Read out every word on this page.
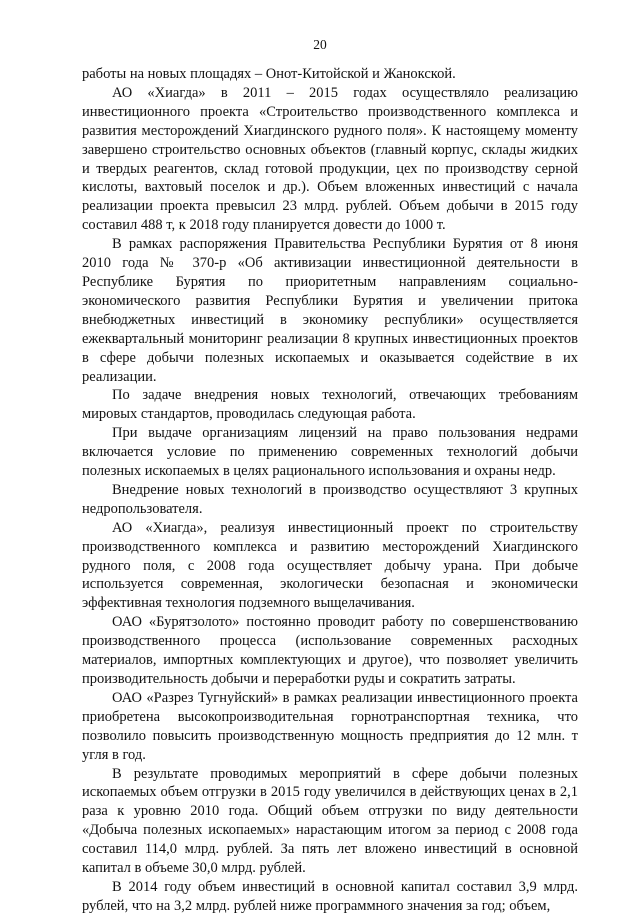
20

работы на новых площадях – Онот-Китойской и Жанокской.

АО «Хиагда» в 2011 – 2015 годах осуществляло реализацию инвестиционного проекта «Строительство производственного комплекса и развития месторождений Хиагдинского рудного поля». К настоящему моменту завершено строительство основных объектов (главный корпус, склады жидких и твердых реагентов, склад готовой продукции, цех по производству серной кислоты, вахтовый поселок и др.). Объем вложенных инвестиций с начала реализации проекта превысил 23 млрд. рублей. Объем добычи в 2015 году составил 488 т, к 2018 году планируется довести до 1000 т.

В рамках распоряжения Правительства Республики Бурятия от 8 июня 2010 года № 370-р «Об активизации инвестиционной деятельности в Республике Бурятия по приоритетным направлениям социально-экономического развития Республики Бурятия и увеличении притока внебюджетных инвестиций в экономику республики» осуществляется ежеквартальный мониторинг реализации 8 крупных инвестиционных проектов в сфере добычи полезных ископаемых и оказывается содействие в их реализации.

По задаче внедрения новых технологий, отвечающих требованиям мировых стандартов, проводилась следующая работа.

При выдаче организациям лицензий на право пользования недрами включается условие по применению современных технологий добычи полезных ископаемых в целях рационального использования и охраны недр.

Внедрение новых технологий в производство осуществляют 3 крупных недропользователя.

АО «Хиагда», реализуя инвестиционный проект по строительству производственного комплекса и развитию месторождений Хиагдинского рудного поля, с 2008 года осуществляет добычу урана. При добыче используется современная, экологически безопасная и экономически эффективная технология подземного выщелачивания.

ОАО «Бурятзолото» постоянно проводит работу по совершенствованию производственного процесса (использование современных расходных материалов, импортных комплектующих и другое), что позволяет увеличить производительность добычи и переработки руды и сократить затраты.

ОАО «Разрез Тугнуйский» в рамках реализации инвестиционного проекта приобретена высокопроизводительная горнотранспортная техника, что позволило повысить производственную мощность предприятия до 12 млн. т угля в год.

В результате проводимых мероприятий в сфере добычи полезных ископаемых объем отгрузки в 2015 году увеличился в действующих ценах в 2,1 раза к уровню 2010 года. Общий объем отгрузки по виду деятельности «Добыча полезных ископаемых» нарастающим итогом за период с 2008 года составил 114,0 млрд. рублей. За пять лет вложено инвестиций в основной капитал в объеме 30,0 млрд. рублей.

В 2014 году объем инвестиций в основной капитал составил 3,9 млрд. рублей, что на 3,2 млрд. рублей ниже программного значения за год; объем,
